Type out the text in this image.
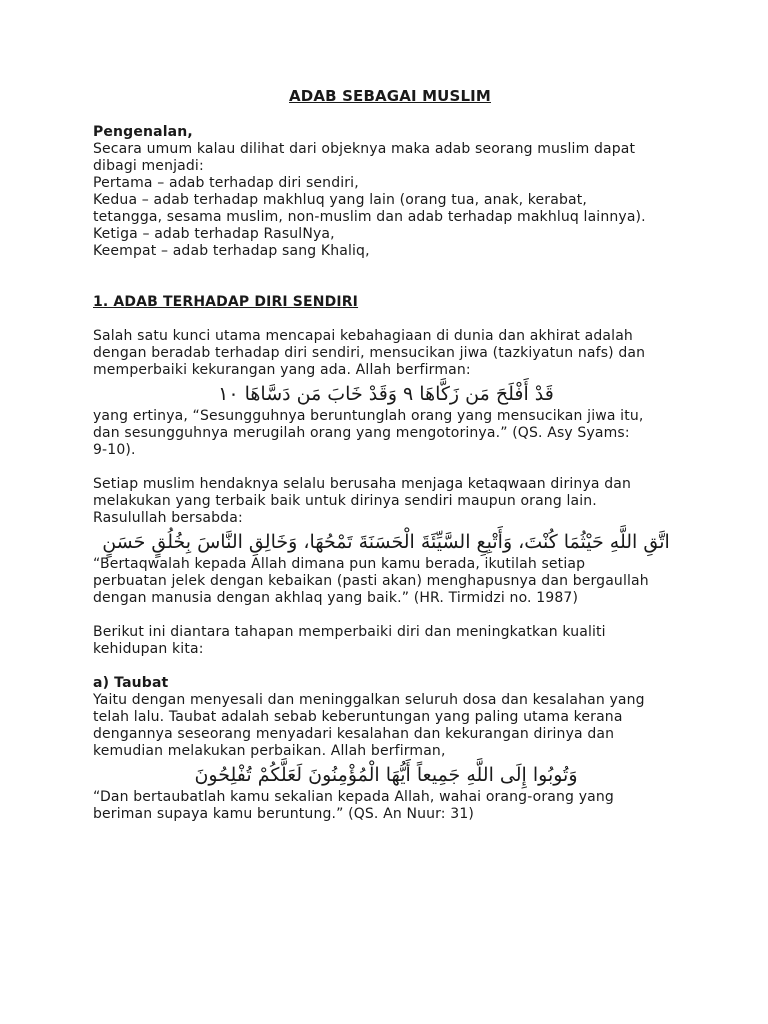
ADAB SEBAGAI MUSLIM

Pengenalan,

Secara umum kalau dilihat dari objeknya maka adab seorang muslim dapat

dibagi menjadi:

Pertama – adab terhadap diri sendiri,

Kedua – adab terhadap makhluq yang lain (orang tua, anak, kerabat,

tetangga, sesama muslim, non-muslim dan adab terhadap makhluq lainnya).

Ketiga – adab terhadap RasulNya,

Keempat – adab terhadap sang Khaliq,

1. ADAB TERHADAP DIRI SENDIRI

Salah satu kunci utama mencapai kebahagiaan di dunia dan akhirat adalah

dengan beradab terhadap diri sendiri, mensucikan jiwa (tazkiyatun nafs) dan

memperbaiki kekurangan yang ada. Allah berfirman:

قَدْ أَفْلَحَ مَن زَكَّاهَا ٩ وَقَدْ خَابَ مَن دَسَّاهَا ١٠

yang ertinya, “Sesungguhnya beruntunglah orang yang mensucikan jiwa itu,

dan sesungguhnya merugilah orang yang mengotorinya.” (QS. Asy Syams:

9-10).

Setiap muslim hendaknya selalu berusaha menjaga ketaqwaan dirinya dan

melakukan yang terbaik baik untuk dirinya sendiri maupun orang lain.

Rasulullah bersabda:

اتَّقِ اللَّهِ حَيْثُمَا كُنْتَ، وَأَتْبِعِ السَّيِّئَةَ الْحَسَنَةَ تَمْحُهَا، وَخَالِقِ النَّاسَ بِخُلُقٍ حَسَنٍ

“Bertaqwalah kepada Allah dimana pun kamu berada, ikutilah setiap

perbuatan jelek dengan kebaikan (pasti akan) menghapusnya dan bergaullah

dengan manusia dengan akhlaq yang baik.” (HR. Tirmidzi no. 1987)

Berikut ini diantara tahapan memperbaiki diri dan meningkatkan kualiti

kehidupan kita:

a) Taubat

Yaitu dengan menyesali dan meninggalkan seluruh dosa dan kesalahan yang

telah lalu. Taubat adalah sebab keberuntungan yang paling utama kerana

dengannya seseorang menyadari kesalahan dan kekurangan dirinya dan

kemudian melakukan perbaikan. Allah berfirman,

وَتُوبُوا إِلَى اللَّهِ جَمِيعاً أَيُّهَا الْمُؤْمِنُونَ لَعَلَّكُمْ تُفْلِحُونَ

“Dan bertaubatlah kamu sekalian kepada Allah, wahai orang-orang yang

beriman supaya kamu beruntung.” (QS. An Nuur: 31)
